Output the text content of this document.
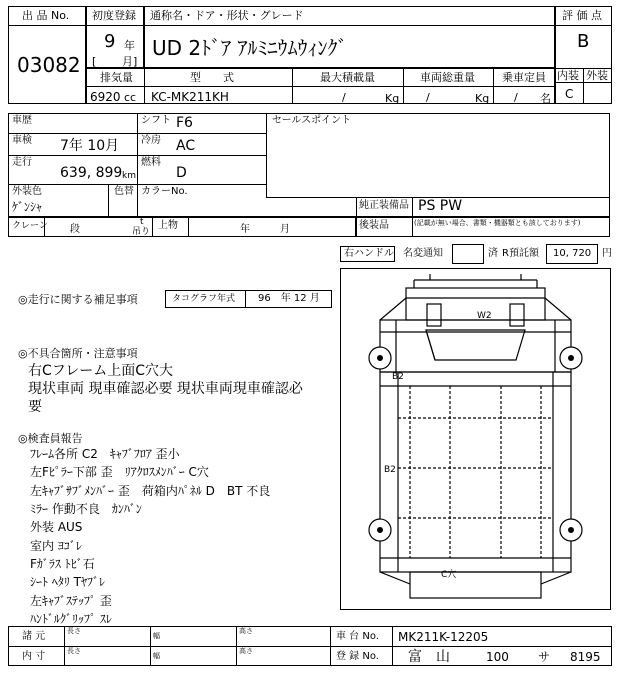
出 品 No.
03082
初度登録
9 年
[ 月]
通称名・ドア・形状・グレード
UD 2ﾄﾞｱ ｱﾙﾐﾆｳﾑｳｨﾝｸﾞ
評 価 点
B
内装 外装
C
排気量
6920 cc
型　　式
KC-MK211KH
最大積載量
/	Kg
車両総重量
/	Kg
乗車定員
/ 名
車歴
車検 7年 10月
走行
639, 899 km
シフト F6
冷房 AC
燃料
D
外装色
ｹﾞﾝｼｬ
色替 カラーNo.
セールスポイント
純正装備品 PS PW
後装品	(記載が無い場合、書類・機器類とも該しております)
クレーン 段
t
吊り
上物	年	月
右ハンドル 名変通知	済 R預託額 10, 720 円
◎走行に関する補足事項	タコグラフ年式 96　年 12 月
◎不具合箇所・注意事項
右Cフレーム上面C穴大
現状車両 現車確認必要 現状車両現車確認必
要
◎検査員報告
ﾌﾚｰﾑ各所 C2　ｷｬﾌﾞﾌﾛｱ 歪小
左Fﾋﾟﾗｰ下部 歪　ﾘｱｸﾛｽﾒﾝﾊﾞｰ C穴
左ｷｬﾌﾞｻﾌﾞﾒﾝﾊﾞｰ 歪　荷箱内ﾊﾟﾈﾙ D　BT 不良
ﾐﾗｰ 作動不良　ｶﾝﾊﾞﾝ
外装 AUS
室内 ﾖｺﾞﾚ
Fｶﾞﾗｽ ﾄﾋﾞ石
ｼｰﾄ ﾍﾀﾘ Tﾔﾌﾞﾚ
左ｷｬﾌﾞｽﾃｯﾌﾟ 歪
ﾊﾝﾄﾞﾙｸﾞﾘｯﾌﾟ ｽﾚ
W2
B2
B2
C穴
諸 元
内 寸
長さ
長さ
幅
幅
高さ
高さ
車 台 No. MK211K-12205
登 録 No. 富　山	100 サ 8195
